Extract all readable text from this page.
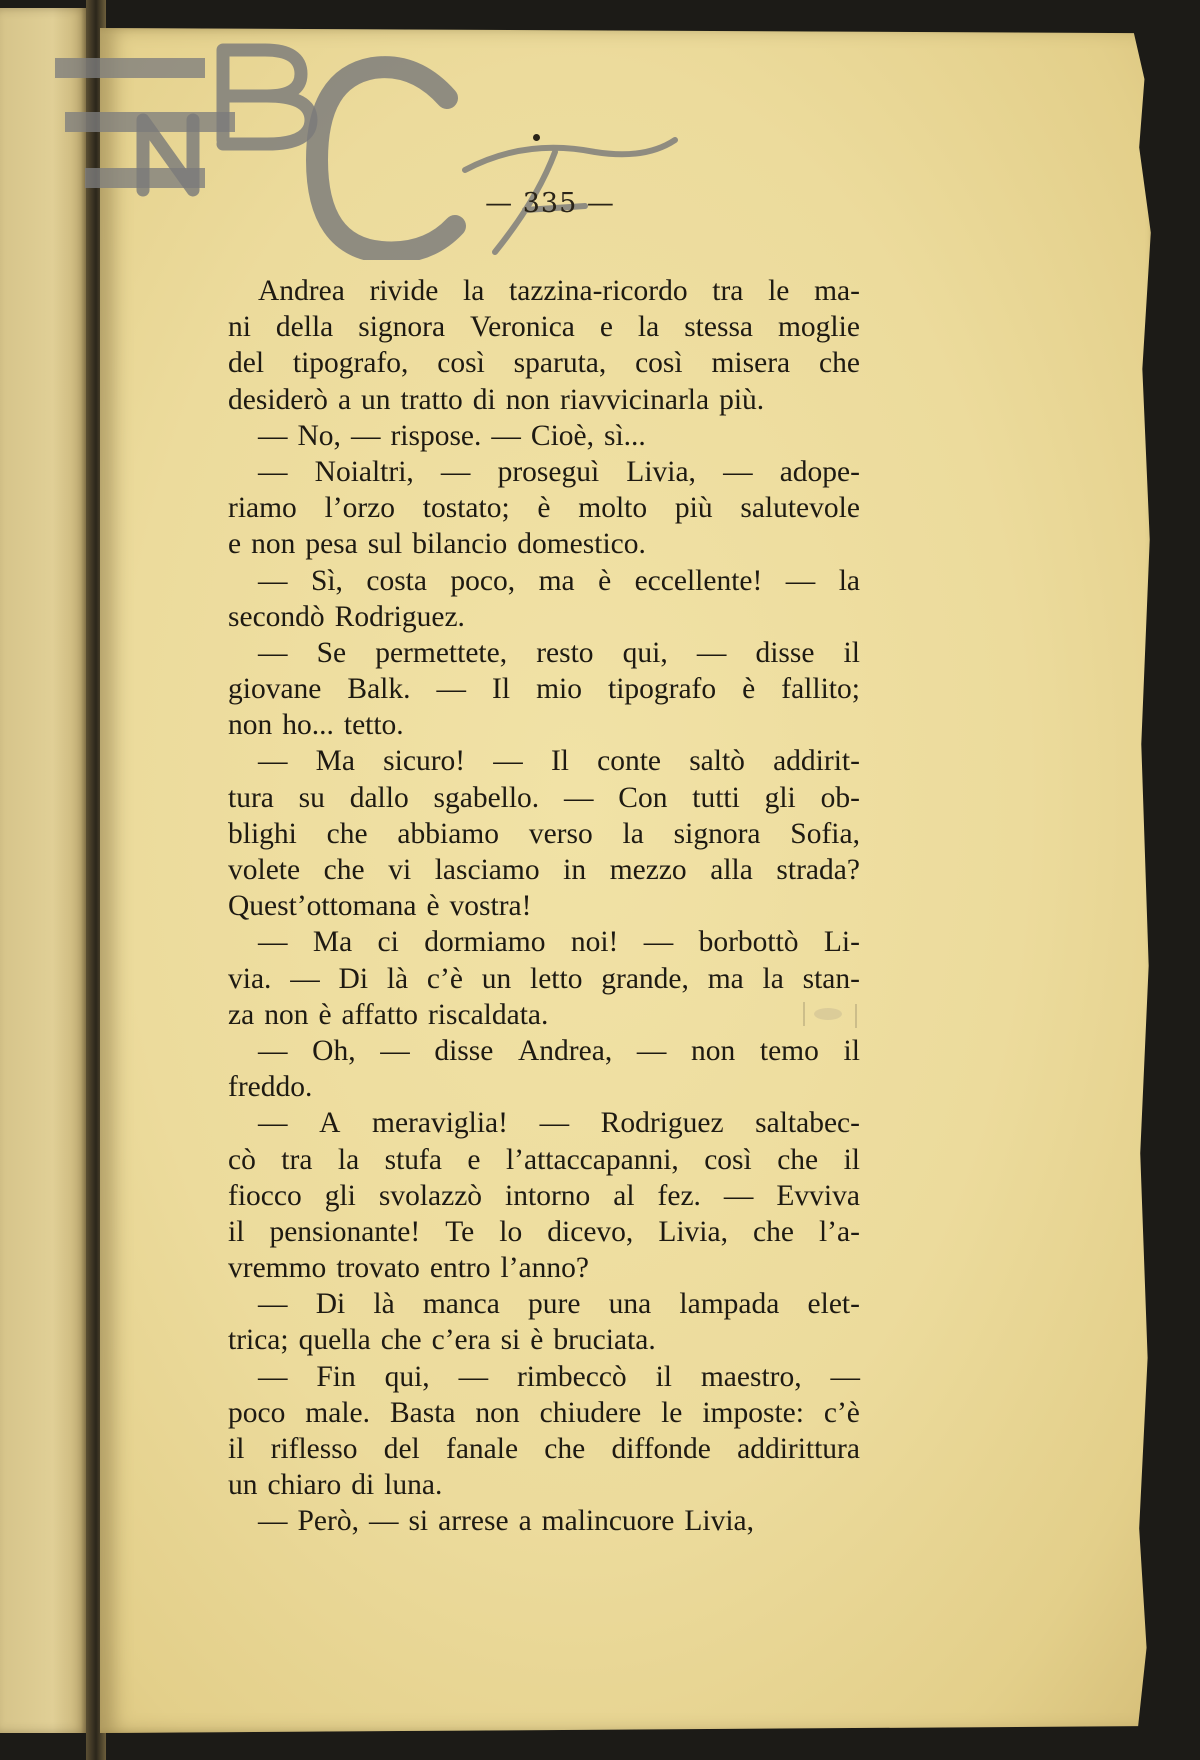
— 335 —
Andrea rivide la tazzina-ricordo tra le ma-
ni della signora Veronica e la stessa moglie
del tipografo, così sparuta, così misera che
desiderò a un tratto di non riavvicinarla più.
— No, — rispose. — Cioè, sì...
— Noialtri, — proseguì Livia, — adope-
riamo l’orzo tostato; è molto più salutevole
e non pesa sul bilancio domestico.
— Sì, costa poco, ma è eccellente! — la
secondò Rodriguez.
— Se permettete, resto qui, — disse il
giovane Balk. — Il mio tipografo è fallito;
non ho... tetto.
— Ma sicuro! — Il conte saltò addirit-
tura su dallo sgabello. — Con tutti gli ob-
blighi che abbiamo verso la signora Sofia,
volete che vi lasciamo in mezzo alla strada?
Quest’ottomana è vostra!
— Ma ci dormiamo noi! — borbottò Li-
via. — Di là c’è un letto grande, ma la stan-
za non è affatto riscaldata.
— Oh, — disse Andrea, — non temo il
freddo.
— A meraviglia! — Rodriguez saltabec-
cò tra la stufa e l’attaccapanni, così che il
fiocco gli svolazzò intorno al fez. — Evviva
il pensionante! Te lo dicevo, Livia, che l’a-
vremmo trovato entro l’anno?
— Di là manca pure una lampada elet-
trica; quella che c’era si è bruciata.
— Fin qui, — rimbeccò il maestro, —
poco male. Basta non chiudere le imposte: c’è
il riflesso del fanale che diffonde addirittura
un chiaro di luna.
— Però, — si arrese a malincuore Livia,
